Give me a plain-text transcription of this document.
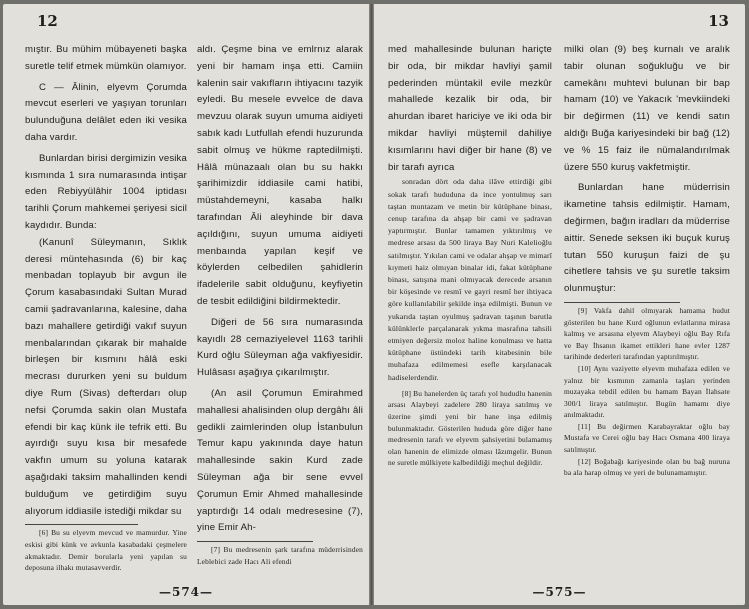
12

mıştır. Bu mühim mübayeneti başka suretle telif etmek mümkün olamıyor.

C — Âlinin, elyevm Çorumda mevcut eserleri ve yaşıyan torunları bulunduğuna delâlet eden iki vesika daha vardır.

Bunlardan birisi dergimizin vesika kısmında 1 sıra numarasında intişar eden Rebiyyülâhir 1004 iptidası tarihli Çorum mahkemei şeriyesi sicil kaydıdır. Bunda:

(Kanunî Süleymanın, Sıklık deresi müntehasında (6) bir kaç menbadan toplayub bir avgun ile Çorum kasabasındaki Sultan Murad camii şadravanlarına, kalesine, daha bazı mahallere getirdiği vakıf suyun menbalarından çıkarak bir mahalde birleşen bir kısmını hâlâ eski mecrası dururken yeni su buldum diye Rum (Sivas) defterdarı olup nefsi Çorumda sakin olan Mustafa efendi bir kaç künk ile tefrik etti. Bu ayırdığı suyu kısa bir mesafede vakfın umum su yoluna katarak aşağıdaki taksim mahallinden kendi bulduğum ve getirdiğim suyu alıyorum iddiasile istediği mikdar su

[6] Bu su elyevm mevcud ve mamurdur. Yine eskisi gibi künk ve avkunla kasabadaki çeşmelere akmaktadır. Demir borularla yeni yapılan su deposuna ilhakı mutasavverdir.

aldı. Çeşme bina ve emlrnız alarak yeni bir hamam inşa etti. Camiin kalenin sair vakıfların ihtiyacını tazyik eyledi. Bu mesele evvelce de dava mevzuu olarak suyun umuma aidiyeti sabık kadı Lutfullah efendi huzurunda sabit olmuş ve hükme raptedilmişti. Hâlâ münazaalı olan bu su hakkı şarihimizdir iddiasile cami hatibi, müstahdemeyni, kasaba halkı tarafından Âli aleyhinde bir dava açıldığını, suyun umuma aidiyeti menbaında yapılan keşif ve köylerden celbedilen şahidlerin ifadelerile sabit olduğunu, keyfiyetin de tesbit edildiğini bildirmektedir.

Diğeri de 56 sıra numarasında kayıdlı 28 cemaziyelevel 1163 tarihli Kurd oğlu Süleyman ağa vakfiyesidir. Hulâsası aşağıya çıkarılmıştır.

(An asil Çorumun Emirahmed mahallesi ahalisinden olup dergâhı âli gedikli zaimlerinden olup İstanbulun Temur kapu yakınında daye hatun mahallesinde sakin Kurd zade Süleyman ağa bir sene evvel Çorumun Emir Ahmed mahallesinde yaptırdığı 14 odalı medresesine (7), yine Emir Ah-

[7] Bu medresenin şark tarafına müderrisinden Leblebici zade Hacı Ali efendi

—574—
13

med mahallesinde bulunan hariçte bir oda, bir mikdar havliyi şamil pederinden müntakil evile mezkûr mahallede kezalik bir oda, bir ahurdan ibaret hariciye ve iki oda bir mikdar havliyi müştemil dahiliye kısımlarını havi diğer bir hane (8) ve bir tarafı ayrıca

sonradan dört oda daha ilâve ettirdiği gibi sokak tarafı hududuna da ince yontulmuş sarı taştan muntazam ve metin bir kütüphane binası, cenup tarafına da ahşap bir cami ve şadravan yaptırmıştır. Bunlar tamamen yıktırılmış ve medrese arsası da 500 liraya Bay Nuri Kalelioğlu satılmıştır. Yıkılan cami ve odalar ahşap ve mimarî kıymeti haiz olmıyan binalar idi, fakat kütüphane binası, satışına mani olmıyacak derecede arsanın bir köşesinde ve resmî ve gayri resmî her ihtiyaca göre kullanılabilir şekilde inşa edilmişti. Bunun ve yukarıda taştan oyulmuş şadravan taşının barutla külünklerle parçalanarak yıkma masrafına tahsili etmiyen değersiz moloz haline konulması ve hatta kütüphane üstündeki tarih kitabesinin bile muhafaza edilmemesi esefle karşılanacak hadiselerdendir.

[8] Bu hanelerden üç tarafı yol hududlu hanenin arsası Alaybeyi zadelere 280 liraya satılmış ve üzerine şimdi yeni bir hane inşa edilmiş bulunmaktadır. Gösterilen hududa göre diğer hane medresenin tarafı ve elyevm şahsiyetini bulamamış olan hanenin de elimizde olması lâzımgelir. Bunun ne suretle mülkiyete kalbedildiği meçhul değildir.

milki olan (9) beş kurnalı ve aralık tabir olunan soğukluğu ve bir camekânı muhtevi bulunan bir bap hamam (10) ve Yakacık 'mevkiindeki bir değirmen (11) ve kendi satın aldığı Buğa kariyesindeki bir bağ (12) ve % 15 faiz ile nümalandırılmak üzere 550 kuruş vakfetmiştir.

Bunlardan hane müderrisin ikametine tahsis edilmiştir. Hamam, değirmen, bağın iradları da müderrise aittir. Senede seksen iki buçuk kuruş tutan 550 kuruşun faizi de şu cihetlere tahsis ve şu suretle taksim olunmuştur:

[9] Vakfa dahil olmıyarak hamama hudut gösterilen bu hane Kurd oğlunun evlatlarına mirasa kalmış ve arsasına elyevm Alaybeyi oğlu Bay Rıfa ve Bay İhsanın ikamet ettikleri hane evler 1287 tarihinde dederleri tarafından yaptırılmıştır.

[10] Aynı vaziyette elyevm muhafaza edilen ve yalnız bir kısmının zamanla taşları yerinden muzayaka tebdil edilen bu hamam Bayan İlahsate 300/1 liraya satılmıştır. Bugün hamamı diye anılmaktadır.

[11] Bu değirmen Karabayraktar oğlu bay Mustafa ve Cerei oğlu bay Hacı Osmana 400 liraya satılmıştır.

[12] Boğabağı kariyesinde olan bu bağ nuruna ba ala harap olmuş ve yeri de bulunamamıştır.

—575—
